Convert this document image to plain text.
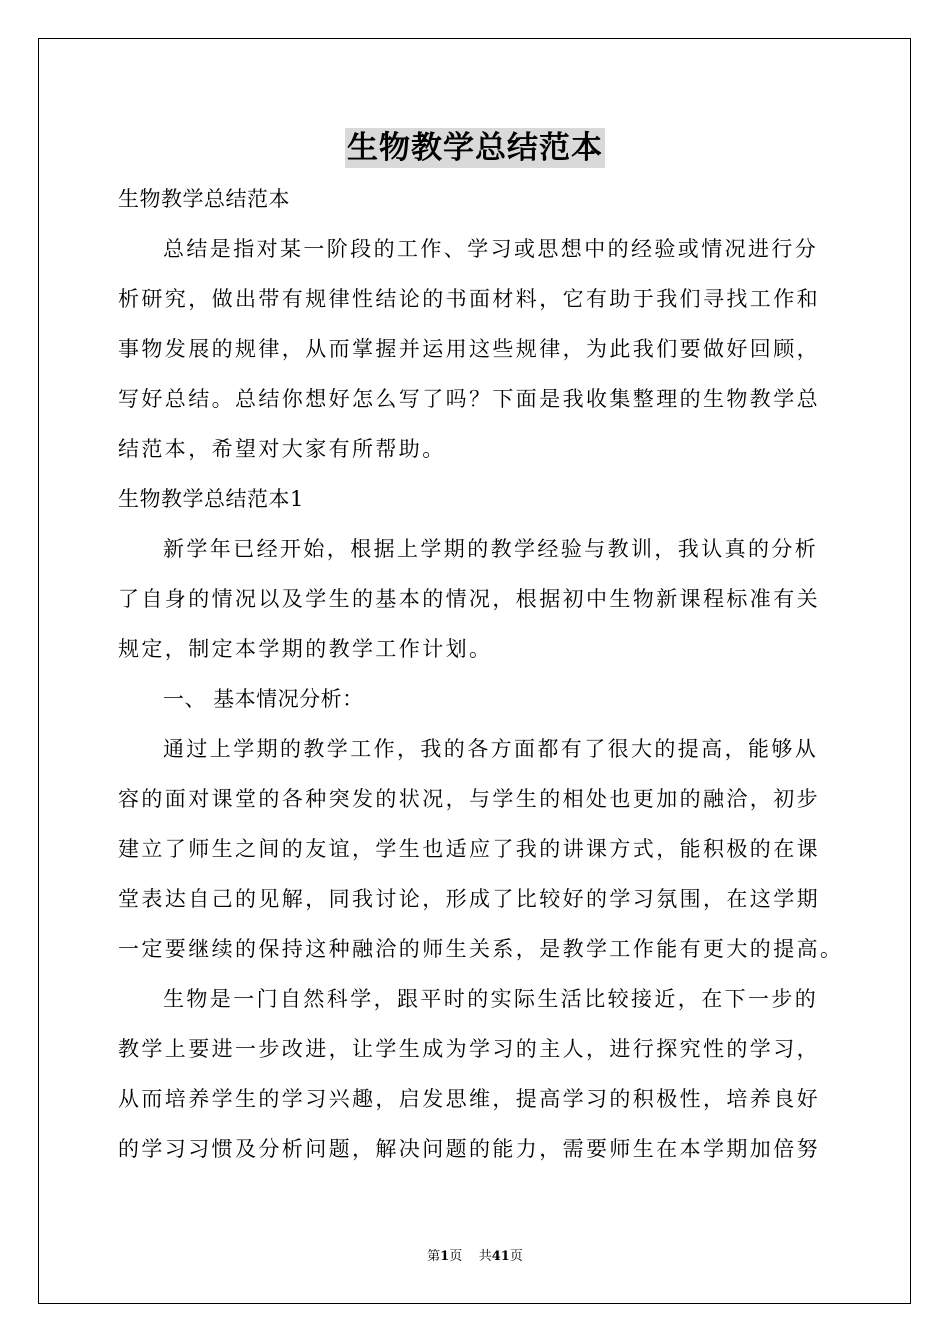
生物教学总结范本
生物教学总结范本
总结是指对某一阶段的工作、学习或思想中的经验或情况进行分
析研究，做出带有规律性结论的书面材料，它有助于我们寻找工作和
事物发展的规律，从而掌握并运用这些规律，为此我们要做好回顾，
写好总结。总结你想好怎么写了吗？下面是我收集整理的生物教学总
结范本，希望对大家有所帮助。
生物教学总结范本1
新学年已经开始，根据上学期的教学经验与教训，我认真的分析
了自身的情况以及学生的基本的情况，根据初中生物新课程标准有关
规定，制定本学期的教学工作计划。
一、 基本情况分析：
通过上学期的教学工作，我的各方面都有了很大的提高，能够从
容的面对课堂的各种突发的状况，与学生的相处也更加的融洽，初步
建立了师生之间的友谊，学生也适应了我的讲课方式，能积极的在课
堂表达自己的见解，同我讨论，形成了比较好的学习氛围，在这学期
一定要继续的保持这种融洽的师生关系，是教学工作能有更大的提高。
生物是一门自然科学，跟平时的实际生活比较接近，在下一步的
教学上要进一步改进，让学生成为学习的主人，进行探究性的学习，
从而培养学生的学习兴趣，启发思维，提高学习的积极性，培养良好
的学习习惯及分析问题，解决问题的能力，需要师生在本学期加倍努
第1页 共41页
